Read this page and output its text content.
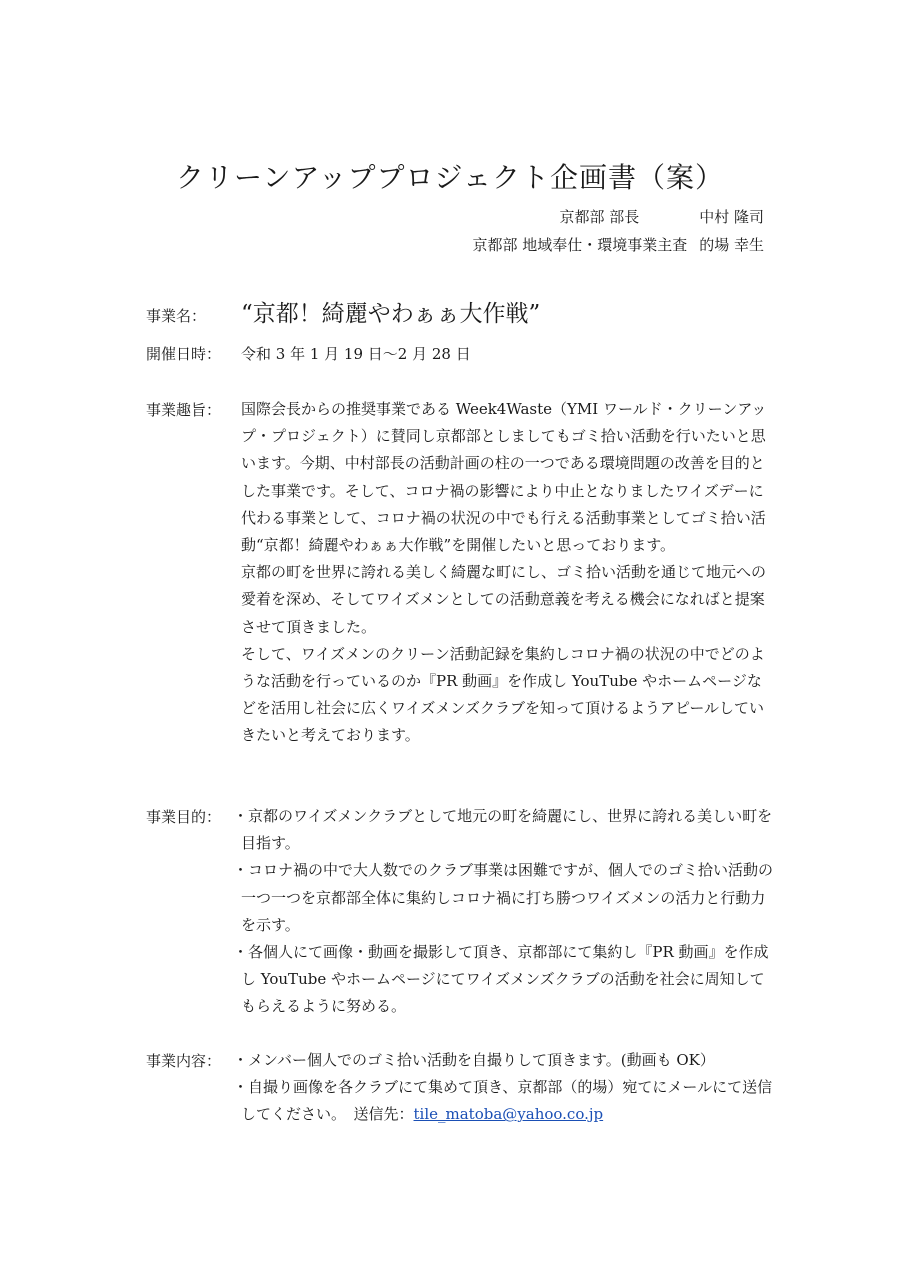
クリーンアッププロジェクト企画書（案）
京都部 部長	中村 隆司
京都部 地域奉仕・環境事業主査 的場 幸生
事業名： “京都！綺麗やわぁぁ大作戦”
開催日時： 令和 3 年 1 月 19 日～2 月 28 日
事業趣旨： 国際会長からの推奨事業である Week4Waste（YMI ワールド・クリーンアップ・プロジェクト）に賛同し京都部としましてもゴミ拾い活動を行いたいと思います。今期、中村部長の活動計画の柱の一つである環境問題の改善を目的とした事業です。そして、コロナ禍の影響により中止となりましたワイズデーに代わる事業として、コロナ禍の状況の中でも行える活動事業としてゴミ拾い活動“京都！綺麗やわぁぁ大作戦”を開催したいと思っております。

京都の町を世界に誇れる美しく綺麗な町にし、ゴミ拾い活動を通じて地元への愛着を深め、そしてワイズメンとしての活動意義を考える機会になればと提案させて頂きました。

そして、ワイズメンのクリーン活動記録を集約しコロナ禍の状況の中でどのような活動を行っているのか『PR 動画』を作成し YouTube やホームページなどを活用し社会に広くワイズメンズクラブを知って頂けるようアピールしていきたいと考えております。

事業目的： ・京都のワイズメンクラブとして地元の町を綺麗にし、世界に誇れる美しい町を目指す。

・コロナ禍の中で大人数でのクラブ事業は困難ですが、個人でのゴミ拾い活動の一つ一つを京都部全体に集約しコロナ禍に打ち勝つワイズメンの活力と行動力を示す。

・各個人にて画像・動画を撮影して頂き、京都部にて集約し『PR 動画』を作成し YouTube やホームページにてワイズメンズクラブの活動を社会に周知してもらえるように努める。

事業内容： ・メンバー個人でのゴミ拾い活動を自撮りして頂きます。(動画も OK）

・自撮り画像を各クラブにて集めて頂き、京都部（的場）宛てにメールにて送信してください。　送信先：tile_matoba@yahoo.co.jp
